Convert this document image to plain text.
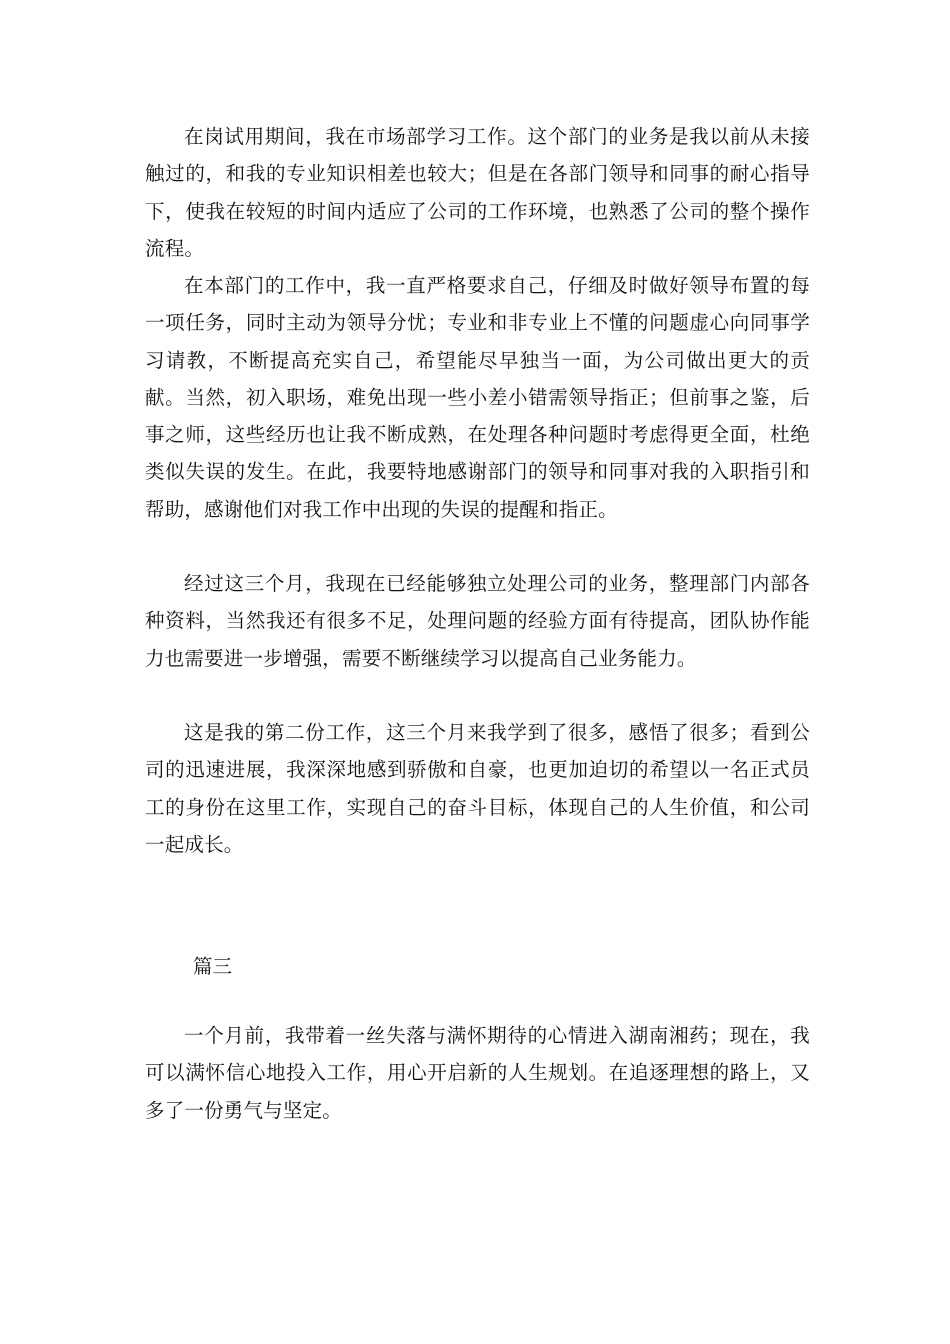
在岗试用期间，我在市场部学习工作。这个部门的业务是我以前从未接触过的，和我的专业知识相差也较大；但是在各部门领导和同事的耐心指导下，使我在较短的时间内适应了公司的工作环境，也熟悉了公司的整个操作流程。

在本部门的工作中，我一直严格要求自己，仔细及时做好领导布置的每一项任务，同时主动为领导分忧；专业和非专业上不懂的问题虚心向同事学习请教，不断提高充实自己，希望能尽早独当一面，为公司做出更大的贡献。当然，初入职场，难免出现一些小差小错需领导指正；但前事之鉴，后事之师，这些经历也让我不断成熟，在处理各种问题时考虑得更全面，杜绝类似失误的发生。在此，我要特地感谢部门的领导和同事对我的入职指引和帮助，感谢他们对我工作中出现的失误的提醒和指正。

经过这三个月，我现在已经能够独立处理公司的业务，整理部门内部各种资料，当然我还有很多不足，处理问题的经验方面有待提高，团队协作能力也需要进一步增强，需要不断继续学习以提高自己业务能力。

这是我的第二份工作，这三个月来我学到了很多，感悟了很多；看到公司的迅速进展，我深深地感到骄傲和自豪，也更加迫切的希望以一名正式员工的身份在这里工作，实现自己的奋斗目标，体现自己的人生价值，和公司一起成长。

篇三

一个月前，我带着一丝失落与满怀期待的心情进入湖南湘药；现在，我可以满怀信心地投入工作，用心开启新的人生规划。在追逐理想的路上，又多了一份勇气与坚定。
